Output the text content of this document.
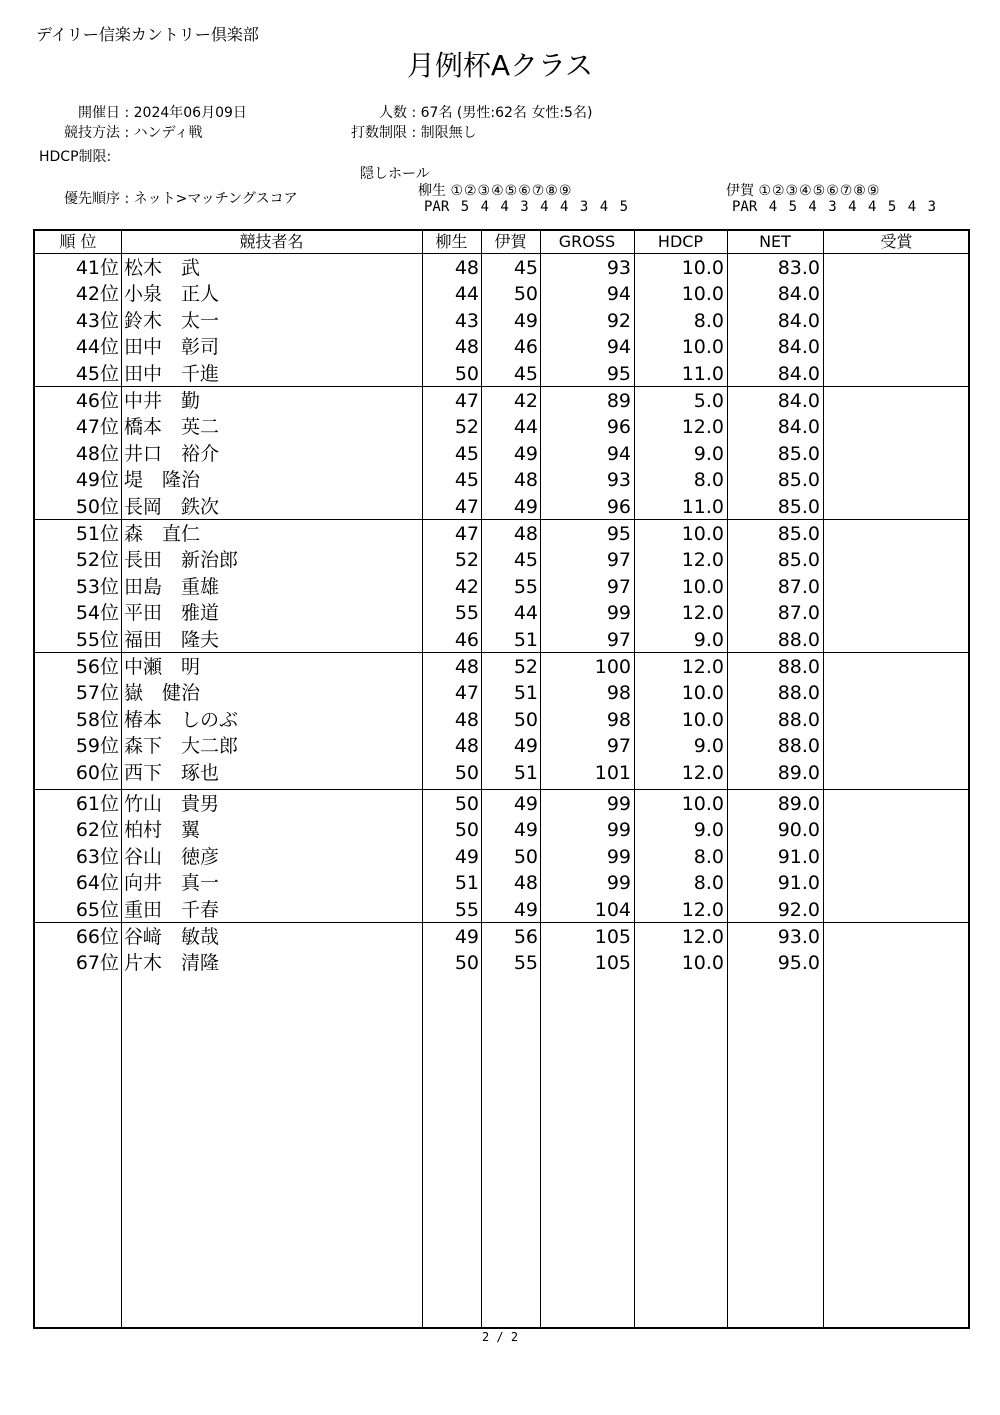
デイリー信楽カントリー倶楽部
月例杯Aクラス
開催日 : 2024年06月09日
競技方法 : ハンディ戦
人数 : 67名 (男性:62名 女性:5名)
打数制限 : 制限無し
HDCP制限:
隠しホール
優先順序 : ネット>マッチングスコア	柳生 ①②③④⑤⑥⑦⑧⑨
PAR 5 4 4 3 4 4 3 4 5
伊賀 ①②③④⑤⑥⑦⑧⑨
PAR 4 5 4 3 4 4 5 4 3
順 位	競技者名	柳生	伊賀	GROSS	HDCP	NET	受賞
41位 松木　武	48	45	93	10.0	83.0
42位 小泉　正人	44	50	94	10.0	84.0
43位 鈴木　太一	43	49	92	8.0	84.0
44位 田中　彰司	48	46	94	10.0	84.0
45位 田中　千進	50	45	95	11.0	84.0
46位 中井　勤	47	42	89	5.0	84.0
47位 橋本　英二	52	44	96	12.0	84.0
48位 井口　裕介	45	49	94	9.0	85.0
49位 堤　隆治	45	48	93	8.0	85.0
50位 長岡　鉄次	47	49	96	11.0	85.0
51位 森　直仁	47	48	95	10.0	85.0
52位 長田　新治郎	52	45	97	12.0	85.0
53位 田島　重雄	42	55	97	10.0	87.0
54位 平田　雅道	55	44	99	12.0	87.0
55位 福田　隆夫	46	51	97	9.0	88.0
56位 中瀬　明	48	52	100	12.0	88.0
57位 嶽　健治	47	51	98	10.0	88.0
58位 椿本　しのぶ	48	50	98	10.0	88.0
59位 森下　大二郎	48	49	97	9.0	88.0
60位 西下　琢也	50	51	101	12.0	89.0
61位 竹山　貴男	50	49	99	10.0	89.0
62位 柏村　翼	50	49	99	9.0	90.0
63位 谷山　徳彦	49	50	99	8.0	91.0
64位 向井　真一	51	48	99	8.0	91.0
65位 重田　千春	55	49	104	12.0	92.0
66位 谷﨑　敏哉	49	56	105	12.0	93.0
67位 片木　清隆	50	55	105	10.0	95.0
2 / 2
